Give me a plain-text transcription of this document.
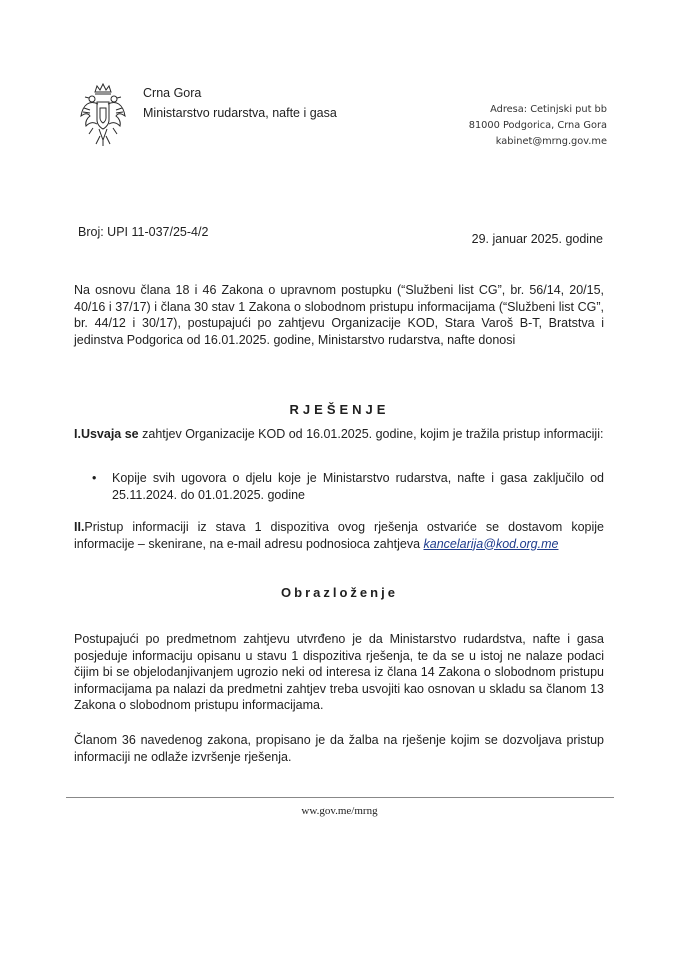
Crna Gora
Ministarstvo rudarstva, nafte i gasa	Adresa: Cetinjski put bb
81000 Podgorica, Crna Gora
kabinet@mrng.gov.me
Broj: UPI 11-037/25-4/2	29. januar 2025. godine
Na osnovu člana 18 i 46 Zakona o upravnom postupku (“Službeni list CG”, br. 56/14, 20/15, 40/16 i 37/17) i člana 30 stav 1 Zakona o slobodnom pristupu informacijama (“Službeni list CG”, br. 44/12 i 30/17), postupajući po zahtjevu Organizacije KOD, Stara Varoš B-T, Bratstva i jedinstva Podgorica od 16.01.2025. godine, Ministarstvo rudarstva, nafte donosi
RJEŠENJE
I.Usvaja se zahtjev Organizacije KOD od 16.01.2025. godine, kojim je tražila pristup informaciji:
• Kopije svih ugovora o djelu koje je Ministarstvo rudarstva, nafte i gasa zaključilo od 25.11.2024. do 01.01.2025. godine
II.Pristup informaciji iz stava 1 dispozitiva ovog rješenja ostvariće se dostavom kopije informacije – skenirane, na e-mail adresu podnosioca zahtjeva kancelarija@kod.org.me
Obrazloženje
Postupajući po predmetnom zahtjevu utvrđeno je da Ministarstvo rudardstva, nafte i gasa posjeduje informaciju opisanu u stavu 1 dispozitiva rješenja, te da se u istoj ne nalaze podaci čijim bi se objelodanjivanjem ugrozio neki od interesa iz člana 14 Zakona o slobodnom pristupu informacijama pa nalazi da predmetni zahtjev treba usvojiti kao osnovan u skladu sa članom 13 Zakona o slobodnom pristupu informacijama.
Članom 36 navedenog zakona, propisano je da žalba na rješenje kojim se dozvoljava pristup informaciji ne odlaže izvršenje rješenja.
ww.gov.me/mrng
